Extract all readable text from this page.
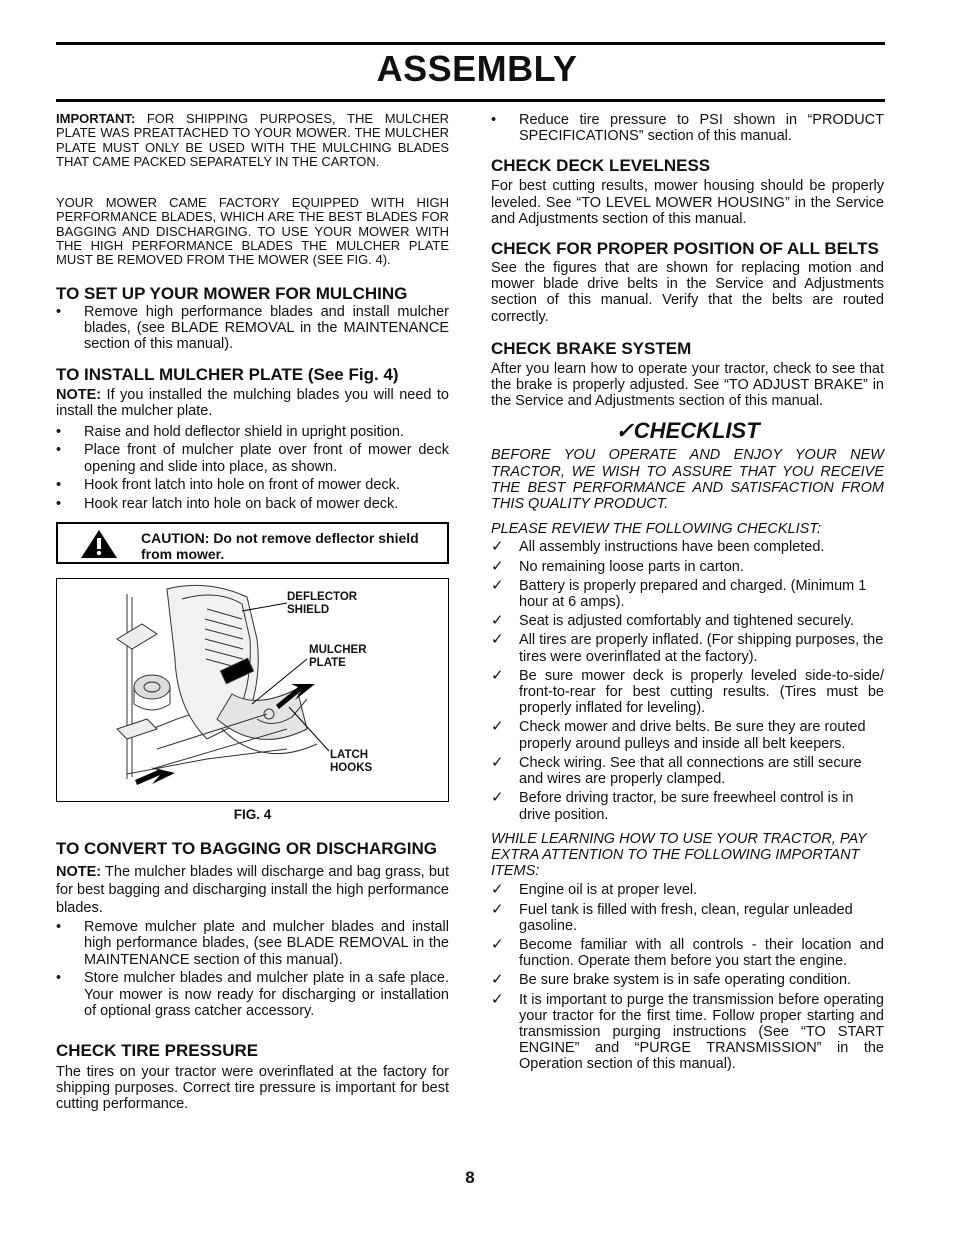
ASSEMBLY

IMPORTANT: FOR SHIPPING PURPOSES, THE MULCHER PLATE WAS PREATTACHED TO YOUR MOWER. THE MULCHER PLATE MUST ONLY BE USED WITH THE MULCHING BLADES THAT CAME PACKED SEPARATELY IN THE CARTON.

YOUR MOWER CAME FACTORY EQUIPPED WITH HIGH PERFORMANCE BLADES, WHICH ARE THE BEST BLADES FOR BAGGING AND DISCHARGING. TO USE YOUR MOWER WITH THE HIGH PERFORMANCE BLADES THE MULCHER PLATE MUST BE REMOVED FROM THE MOWER (SEE FIG. 4).

TO SET UP YOUR MOWER FOR MULCHING
• Remove high performance blades and install mulcher blades, (see BLADE REMOVAL in the MAINTENANCE section of this manual).
TO INSTALL MULCHER PLATE (See Fig. 4)

NOTE: If you installed the mulching blades you will need to install the mulcher plate.

• Raise and hold deflector shield in upright position.
• Place front of mulcher plate over front of mower deck opening and slide into place, as shown.
• Hook front latch into hole on front of mower deck.
• Hook rear latch into hole on back of mower deck.
CAUTION: Do not remove deflector shield from mower.
DEFLECTOR
SHIELD
MULCHER
PLATE
LATCH
HOOKS
FIG. 4
TO CONVERT TO BAGGING OR DISCHARGING

NOTE: The mulcher blades will discharge and bag grass, but for best bagging and discharging install the high performance blades.

• Remove mulcher plate and mulcher blades and install high performance blades, (see BLADE REMOVAL in the MAINTENANCE section of this manual).
• Store mulcher blades and mulcher plate in a safe place. Your mower is now ready for discharging or installation of optional grass catcher accessory.
CHECK TIRE PRESSURE

The tires on your tractor were overinflated at the factory for shipping purposes. Correct tire pressure is important for best cutting performance.

• Reduce tire pressure to PSI shown in “PRODUCT SPECIFICATIONS” section of this manual.
CHECK DECK LEVELNESS

For best cutting results, mower housing should be properly leveled. See “TO LEVEL MOWER HOUSING” in the Service and Adjustments section of this manual.

CHECK FOR PROPER POSITION OF ALL BELTS

See the figures that are shown for replacing motion and mower blade drive belts in the Service and Adjustments section of this manual. Verify that the belts are routed correctly.

CHECK BRAKE SYSTEM

After you learn how to operate your tractor, check to see that the brake is properly adjusted. See “TO ADJUST BRAKE” in the Service and Adjustments section of this manual.

✓CHECKLIST

BEFORE YOU OPERATE AND ENJOY YOUR NEW TRACTOR, WE WISH TO ASSURE THAT YOU RECEIVE THE BEST PERFORMANCE AND SATISFACTION FROM THIS QUALITY PRODUCT.

PLEASE REVIEW THE FOLLOWING CHECKLIST:

✓ All assembly instructions have been completed.
✓ No remaining loose parts in carton.
✓ Battery is properly prepared and charged. (Minimum 1 hour at 6 amps).
✓ Seat is adjusted comfortably and tightened securely.
✓ All tires are properly inflated. (For shipping purposes, the tires were overinflated at the factory).
✓ Be sure mower deck is properly leveled side-to-side/ front-to-rear for best cutting results. (Tires must be properly inflated for leveling).
✓ Check mower and drive belts. Be sure they are routed properly around pulleys and inside all belt keepers.
✓ Check wiring. See that all connections are still secure and wires are properly clamped.
✓ Before driving tractor, be sure freewheel control is in drive position.

WHILE LEARNING HOW TO USE YOUR TRACTOR, PAY EXTRA ATTENTION TO THE FOLLOWING IMPORTANT ITEMS:

✓ Engine oil is at proper level.
✓ Fuel tank is filled with fresh, clean, regular unleaded gasoline.
✓ Become familiar with all controls - their location and function. Operate them before you start the engine.
✓ Be sure brake system is in safe operating condition.
✓ It is important to purge the transmission before operating your tractor for the first time. Follow proper starting and transmission purging instructions (See “TO START ENGINE” and “PURGE TRANSMISSION” in the Operation section of this manual).
8
